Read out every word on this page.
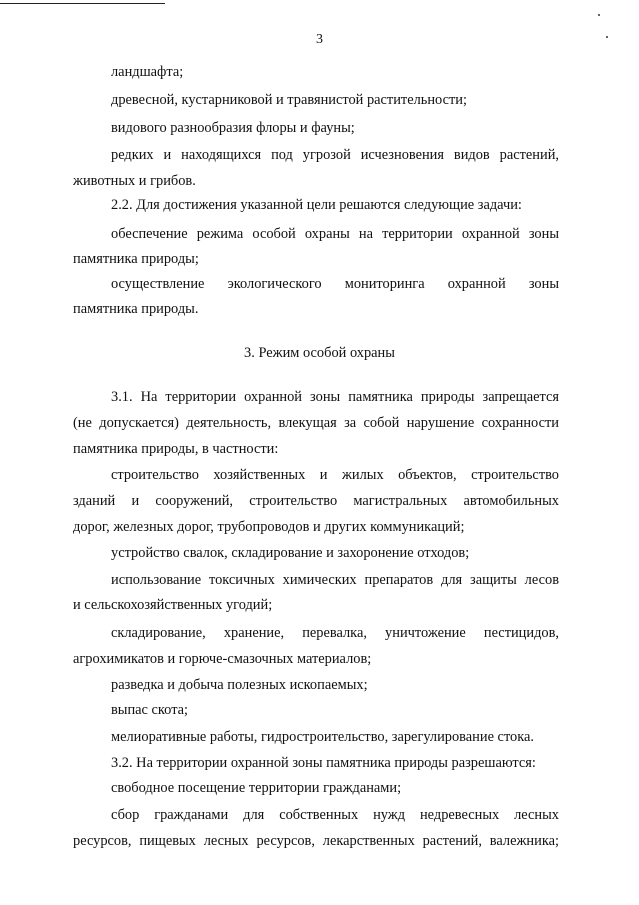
3
ландшафта;
древесной, кустарниковой и травянистой растительности;
видового разнообразия флоры и фауны;
редких и находящихся под угрозой исчезновения видов растений,
животных и грибов.
2.2. Для достижения указанной цели решаются следующие задачи:
обеспечение режима особой охраны на территории охранной зоны
памятника природы;
осуществление экологического мониторинга охранной зоны
памятника природы.
3. Режим особой охраны
3.1. На территории охранной зоны памятника природы запрещается
(не допускается) деятельность, влекущая за собой нарушение сохранности
памятника природы, в частности:
строительство хозяйственных и жилых объектов, строительство
зданий и сооружений, строительство магистральных автомобильных
дорог, железных дорог, трубопроводов и других коммуникаций;
устройство свалок, складирование и захоронение отходов;
использование токсичных химических препаратов для защиты лесов
и сельскохозяйственных угодий;
складирование, хранение, перевалка, уничтожение пестицидов,
агрохимикатов и горюче-смазочных материалов;
разведка и добыча полезных ископаемых;
выпас скота;
мелиоративные работы, гидростроительство, зарегулирование стока.
3.2. На территории охранной зоны памятника природы разрешаются:
свободное посещение территории гражданами;
сбор гражданами для собственных нужд недревесных лесных
ресурсов, пищевых лесных ресурсов, лекарственных растений, валежника;
